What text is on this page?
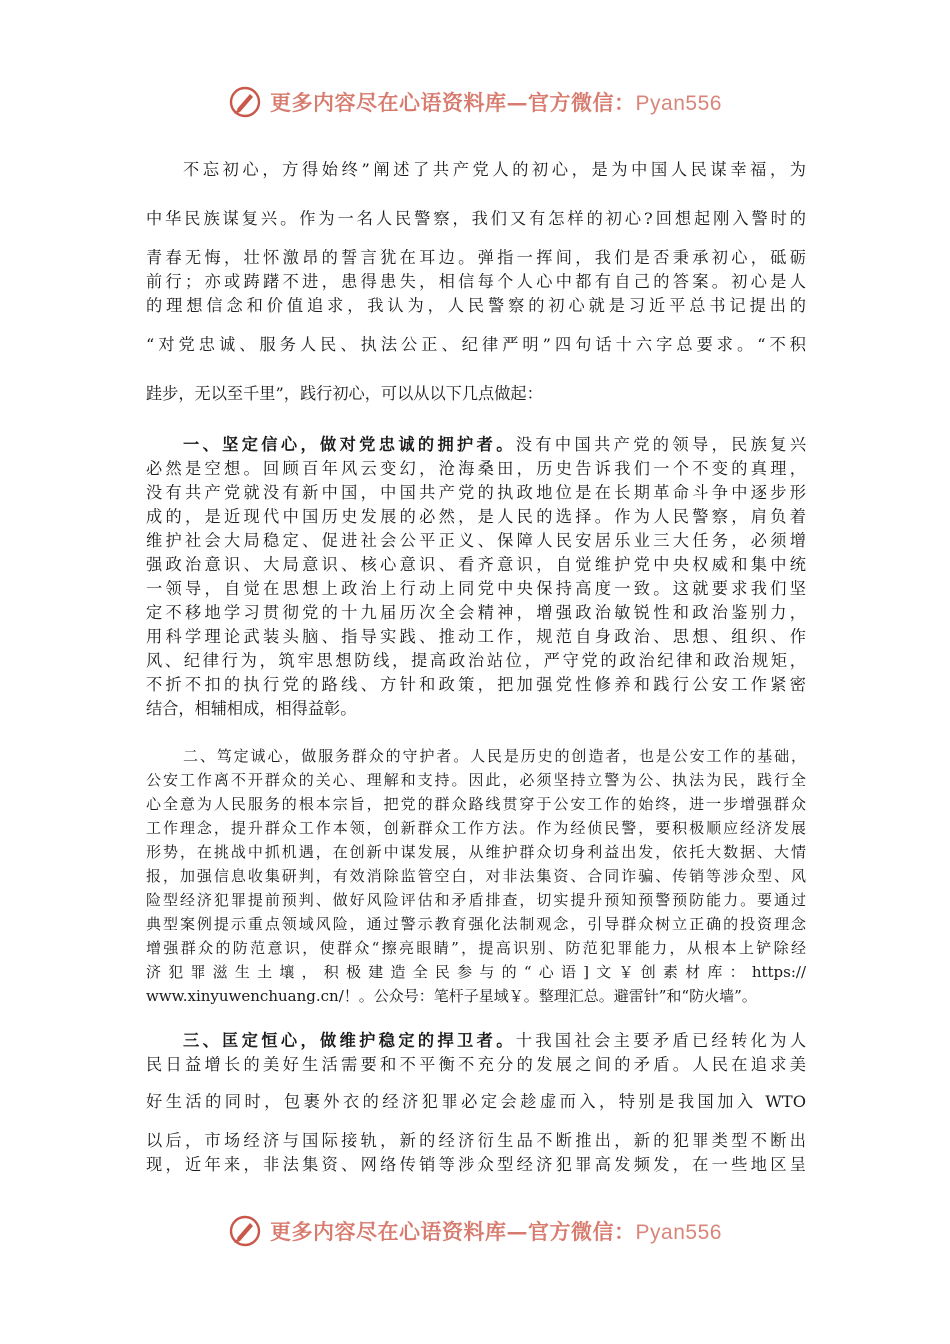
更多内容尽在心语资料库—官方微信：Pyan556
不忘初心，方得始终”阐述了共产党人的初心，是为中国人民谋幸福，为
中华民族谋复兴。作为一名人民警察，我们又有怎样的初心?回想起刚入警时的
青春无悔，壮怀激昂的誓言犹在耳边。弹指一挥间，我们是否秉承初心，砥砺
前行；亦或踌躇不进，患得患失，相信每个人心中都有自己的答案。初心是人
的理想信念和价值追求，我认为，人民警察的初心就是习近平总书记提出的
“对党忠诚、服务人民、执法公正、纪律严明”四句话十六字总要求。“不积
跬步，无以至千里”，践行初心，可以从以下几点做起：
一、坚定信心，做对党忠诚的拥护者。没有中国共产党的领导，民族复兴
必然是空想。回顾百年风云变幻，沧海桑田，历史告诉我们一个不变的真理，
没有共产党就没有新中国，中国共产党的执政地位是在长期革命斗争中逐步形
成的，是近现代中国历史发展的必然，是人民的选择。作为人民警察，肩负着
维护社会大局稳定、促进社会公平正义、保障人民安居乐业三大任务，必须增
强政治意识、大局意识、核心意识、看齐意识，自觉维护党中央权威和集中统
一领导，自觉在思想上政治上行动上同党中央保持高度一致。这就要求我们坚
定不移地学习贯彻党的十九届历次全会精神，增强政治敏锐性和政治鉴别力，
用科学理论武装头脑、指导实践、推动工作，规范自身政治、思想、组织、作
风、纪律行为，筑牢思想防线，提高政治站位，严守党的政治纪律和政治规矩，
不折不扣的执行党的路线、方针和政策，把加强党性修养和践行公安工作紧密
结合，相辅相成，相得益彰。
二、笃定诚心，做服务群众的守护者。人民是历史的创造者，也是公安工作的基础，
公安工作离不开群众的关心、理解和支持。因此，必须坚持立警为公、执法为民，践行全
心全意为人民服务的根本宗旨，把党的群众路线贯穿于公安工作的始终，进一步增强群众
工作理念，提升群众工作本领，创新群众工作方法。作为经侦民警，要积极顺应经济发展
形势，在挑战中抓机遇，在创新中谋发展，从维护群众切身利益出发，依托大数据、大情
报，加强信息收集研判，有效消除监管空白，对非法集资、合同诈骗、传销等涉众型、风
险型经济犯罪提前预判、做好风险评估和矛盾排查，切实提升预知预警预防能力。要通过
典型案例提示重点领域风险，通过警示教育强化法制观念，引导群众树立正确的投资理念
增强群众的防范意识，使群众“擦亮眼睛”，提高识别、防范犯罪能力，从根本上铲除经
济犯罪滋生土壤，积极建造全民参与的“心语]文￥创素材库：https://
www.xinyuwenchuang.cn/！。公众号：笔杆子星域￥。整理汇总。避雷针”和“防火墙”。
三、匡定恒心，做维护稳定的捍卫者。十我国社会主要矛盾已经转化为人
民日益增长的美好生活需要和不平衡不充分的发展之间的矛盾。人民在追求美
好生活的同时，包裹外衣的经济犯罪必定会趁虚而入，特别是我国加入 WTO
以后，市场经济与国际接轨，新的经济衍生品不断推出，新的犯罪类型不断出
现，近年来，非法集资、网络传销等涉众型经济犯罪高发频发，在一些地区呈
更多内容尽在心语资料库—官方微信：Pyan556
